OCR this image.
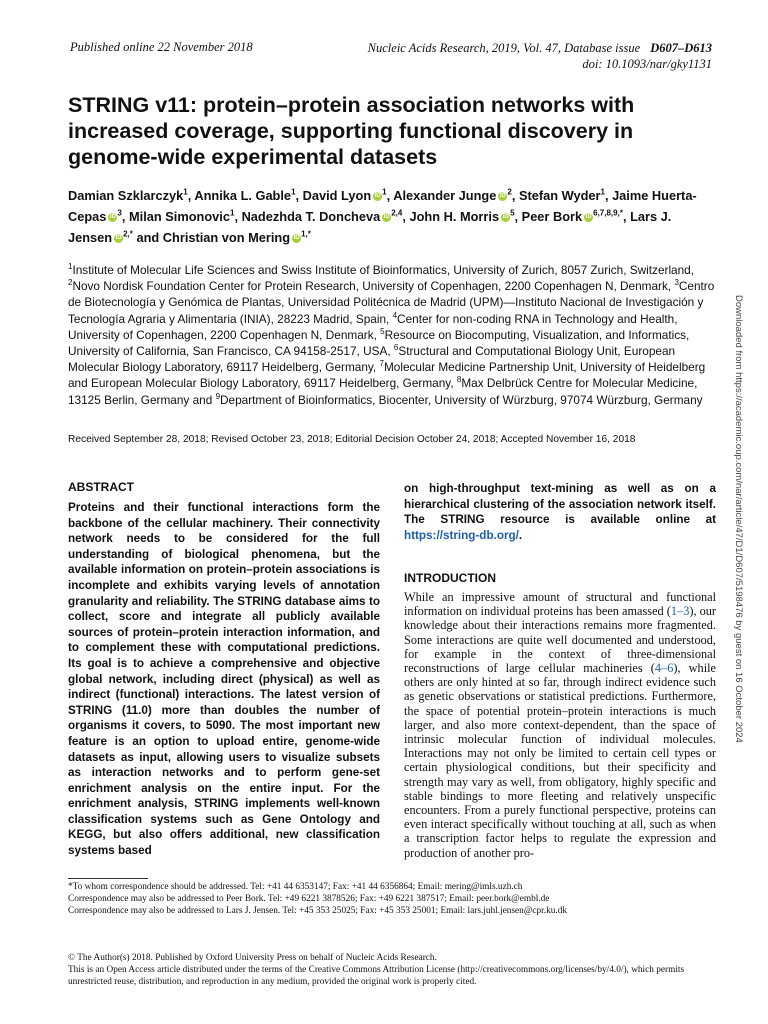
Published online 22 November 2018	Nucleic Acids Research, 2019, Vol. 47, Database issue D607–D613
doi: 10.1093/nar/gky1131
STRING v11: protein–protein association networks with increased coverage, supporting functional discovery in genome-wide experimental datasets
Damian Szklarczyk$^1$, Annika L. Gable$^1$, David Lyon iD $^1$, Alexander Junge iD $^2$, Stefan Wyder$^1$, Jaime Huerta-Cepas iD $^3$, Milan Simonovic$^1$, Nadezhda T. Doncheva iD $^{2,4}$, John H. Morris iD $^5$, Peer Bork iD $^{6,7,8,9,*}$, Lars J. Jensen iD $^{2,*}$ and Christian von Mering iD $^{1,*}$
$^1$Institute of Molecular Life Sciences and Swiss Institute of Bioinformatics, University of Zurich, 8057 Zurich, Switzerland, $^2$Novo Nordisk Foundation Center for Protein Research, University of Copenhagen, 2200 Copenhagen N, Denmark, $^3$Centro de Biotecnología y Genómica de Plantas, Universidad Politécnica de Madrid (UPM)—Instituto Nacional de Investigación y Tecnología Agraria y Alimentaria (INIA), 28223 Madrid, Spain, $^4$Center for non-coding RNA in Technology and Health, University of Copenhagen, 2200 Copenhagen N, Denmark, $^5$Resource on Biocomputing, Visualization, and Informatics, University of California, San Francisco, CA 94158-2517, USA, $^6$Structural and Computational Biology Unit, European Molecular Biology Laboratory, 69117 Heidelberg, Germany, $^7$Molecular Medicine Partnership Unit, University of Heidelberg and European Molecular Biology Laboratory, 69117 Heidelberg, Germany, $^8$Max Delbrück Centre for Molecular Medicine, 13125 Berlin, Germany and $^9$Department of Bioinformatics, Biocenter, University of Würzburg, 97074 Würzburg, Germany
Received September 28, 2018; Revised October 23, 2018; Editorial Decision October 24, 2018; Accepted November 16, 2018
ABSTRACT
Proteins and their functional interactions form the backbone of the cellular machinery. Their connectivity network needs to be considered for the full understanding of biological phenomena, but the available information on protein–protein associations is incomplete and exhibits varying levels of annotation granularity and reliability. The STRING database aims to collect, score and integrate all publicly available sources of protein–protein interaction information, and to complement these with computational predictions. Its goal is to achieve a comprehensive and objective global network, including direct (physical) as well as indirect (functional) interactions. The latest version of STRING (11.0) more than doubles the number of organisms it covers, to 5090. The most important new feature is an option to upload entire, genome-wide datasets as input, allowing users to visualize subsets as interaction networks and to perform gene-set enrichment analysis on the entire input. For the enrichment analysis, STRING implements well-known classification systems such as Gene Ontology and KEGG, but also offers additional, new classification systems based
on high-throughput text-mining as well as on a hierarchical clustering of the association network itself. The STRING resource is available online at https://string-db.org/.
INTRODUCTION
While an impressive amount of structural and functional information on individual proteins has been amassed (1–3), our knowledge about their interactions remains more fragmented. Some interactions are quite well documented and understood, for example in the context of three-dimensional reconstructions of large cellular machineries (4–6), while others are only hinted at so far, through indirect evidence such as genetic observations or statistical predictions. Furthermore, the space of potential protein–protein interactions is much larger, and also more context-dependent, than the space of intrinsic molecular function of individual molecules. Interactions may not only be limited to certain cell types or certain physiological conditions, but their specificity and strength may vary as well, from obligatory, highly specific and stable bindings to more fleeting and relatively unspecific encounters. From a purely functional perspective, proteins can even interact specifically without touching at all, such as when a transcription factor helps to regulate the expression and production of another pro-
*To whom correspondence should be addressed. Tel: +41 44 6353147; Fax: +41 44 6356864; Email: mering@imls.uzh.ch
Correspondence may also be addressed to Peer Bork. Tel: +49 6221 3878526; Fax: +49 6221 387517; Email: peer.bork@embl.de
Correspondence may also be addressed to Lars J. Jensen. Tel: +45 353 25025; Fax: +45 353 25001; Email: lars.juhl.jensen@cpr.ku.dk
© The Author(s) 2018. Published by Oxford University Press on behalf of Nucleic Acids Research.
This is an Open Access article distributed under the terms of the Creative Commons Attribution License (http://creativecommons.org/licenses/by/4.0/), which permits unrestricted reuse, distribution, and reproduction in any medium, provided the original work is properly cited.
Downloaded from https://academic.oup.com/nar/article/47/D1/D607/5198476 by guest on 16 October 2024
